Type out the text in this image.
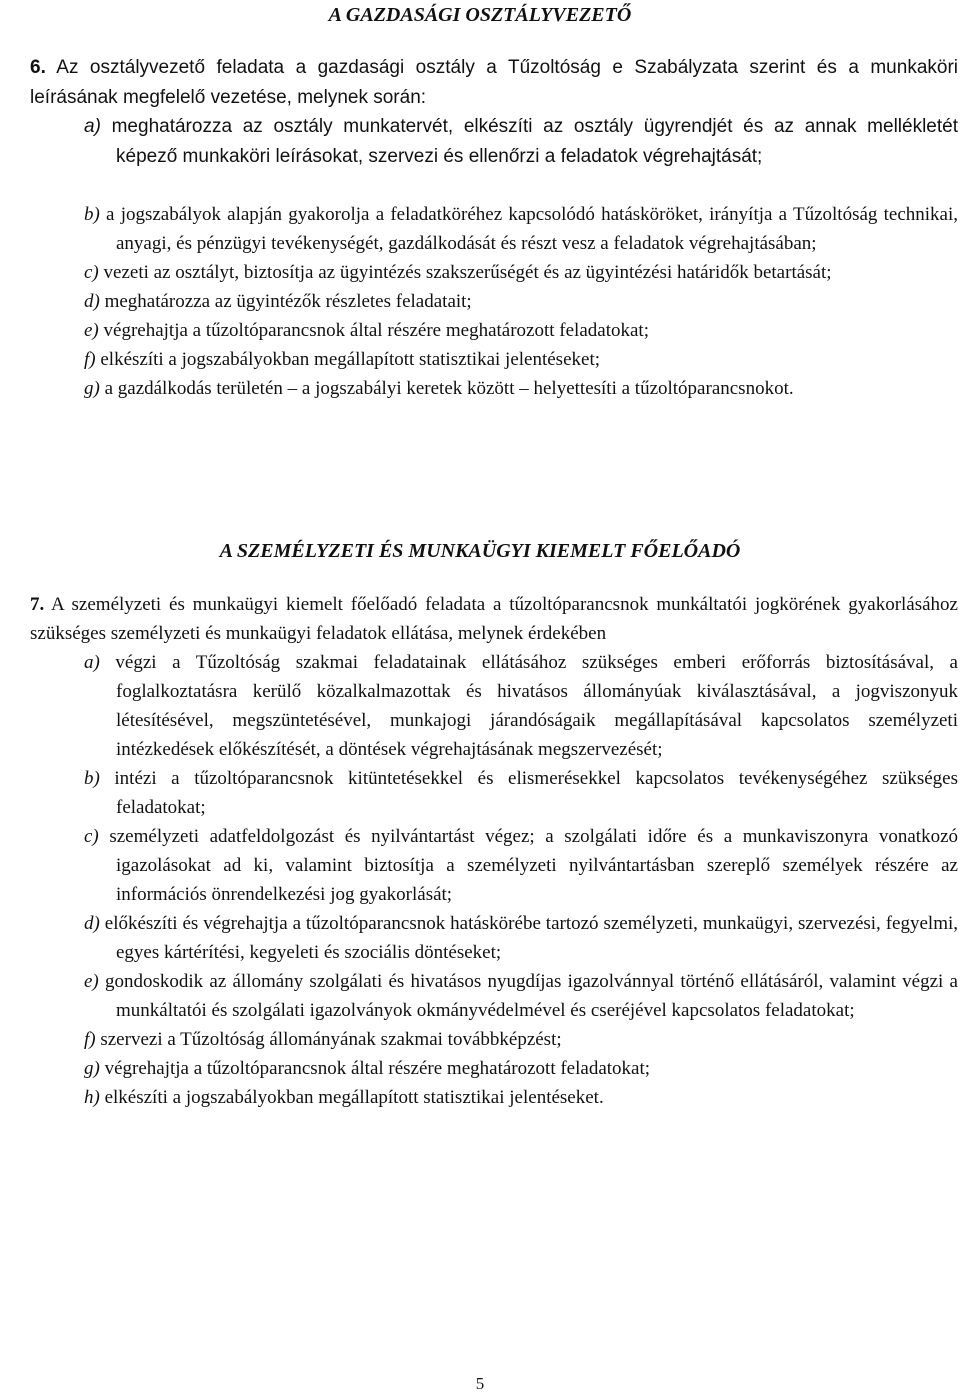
A GAZDASÁGI OSZTÁLYVEZETŐ
6. Az osztályvezető feladata a gazdasági osztály a Tűzoltóság e Szabályzata szerint és a munkaköri leírásának megfelelő vezetése, melynek során:
a) meghatározza az osztály munkatervét, elkészíti az osztály ügyrendjét és az annak mellékletét képező munkaköri leírásokat, szervezi és ellenőrzi a feladatok végrehajtását;
b) a jogszabályok alapján gyakorolja a feladatköréhez kapcsolódó hatásköröket, irányítja a Tűzoltóság technikai, anyagi, és pénzügyi tevékenységét, gazdálkodását és részt vesz a feladatok végrehajtásában;
c) vezeti az osztályt, biztosítja az ügyintézés szakszerűségét és az ügyintézési határidők betartását;
d) meghatározza az ügyintézők részletes feladatait;
e) végrehajtja a tűzoltóparancsnok által részére meghatározott feladatokat;
f) elkészíti a jogszabályokban megállapított statisztikai jelentéseket;
g) a gazdálkodás területén – a jogszabályi keretek között – helyettesíti a tűzoltóparancsnokot.
A SZEMÉLYZETI ÉS MUNKAÜGYI KIEMELT FŐELŐADÓ
7. A személyzeti és munkaügyi kiemelt főelőadó feladata a tűzoltóparancsnok munkáltatói jogkörének gyakorlásához szükséges személyzeti és munkaügyi feladatok ellátása, melynek érdekében
a) végzi a Tűzoltóság szakmai feladatainak ellátásához szükséges emberi erőforrás biztosításával, a foglalkoztatásra kerülő közalkalmazottak és hivatásos állományúak kiválasztásával, a jogviszonyuk létesítésével, megszüntetésével, munkajogi járandóságaik megállapításával kapcsolatos személyzeti intézkedések előkészítését, a döntések végrehajtásának megszervezését;
b) intézi a tűzoltóparancsnok kitüntetésekkel és elismerésekkel kapcsolatos tevékenységéhez szükséges feladatokat;
c) személyzeti adatfeldolgozást és nyilvántartást végez; a szolgálati időre és a munkaviszonyra vonatkozó igazolásokat ad ki, valamint biztosítja a személyzeti nyilvántartásban szereplő személyek részére az információs önrendelkezési jog gyakorlását;
d) előkészíti és végrehajtja a tűzoltóparancsnok hatáskörébe tartozó személyzeti, munkaügyi, szervezési, fegyelmi, egyes kártérítési, kegyeleti és szociális döntéseket;
e) gondoskodik az állomány szolgálati és hivatásos nyugdíjas igazolvánnyal történő ellátásáról, valamint végzi a munkáltatói és szolgálati igazolványok okmányvédelmével és cseréjével kapcsolatos feladatokat;
f) szervezi a Tűzoltóság állományának szakmai továbbképzést;
g) végrehajtja a tűzoltóparancsnok által részére meghatározott feladatokat;
h) elkészíti a jogszabályokban megállapított statisztikai jelentéseket.
5
